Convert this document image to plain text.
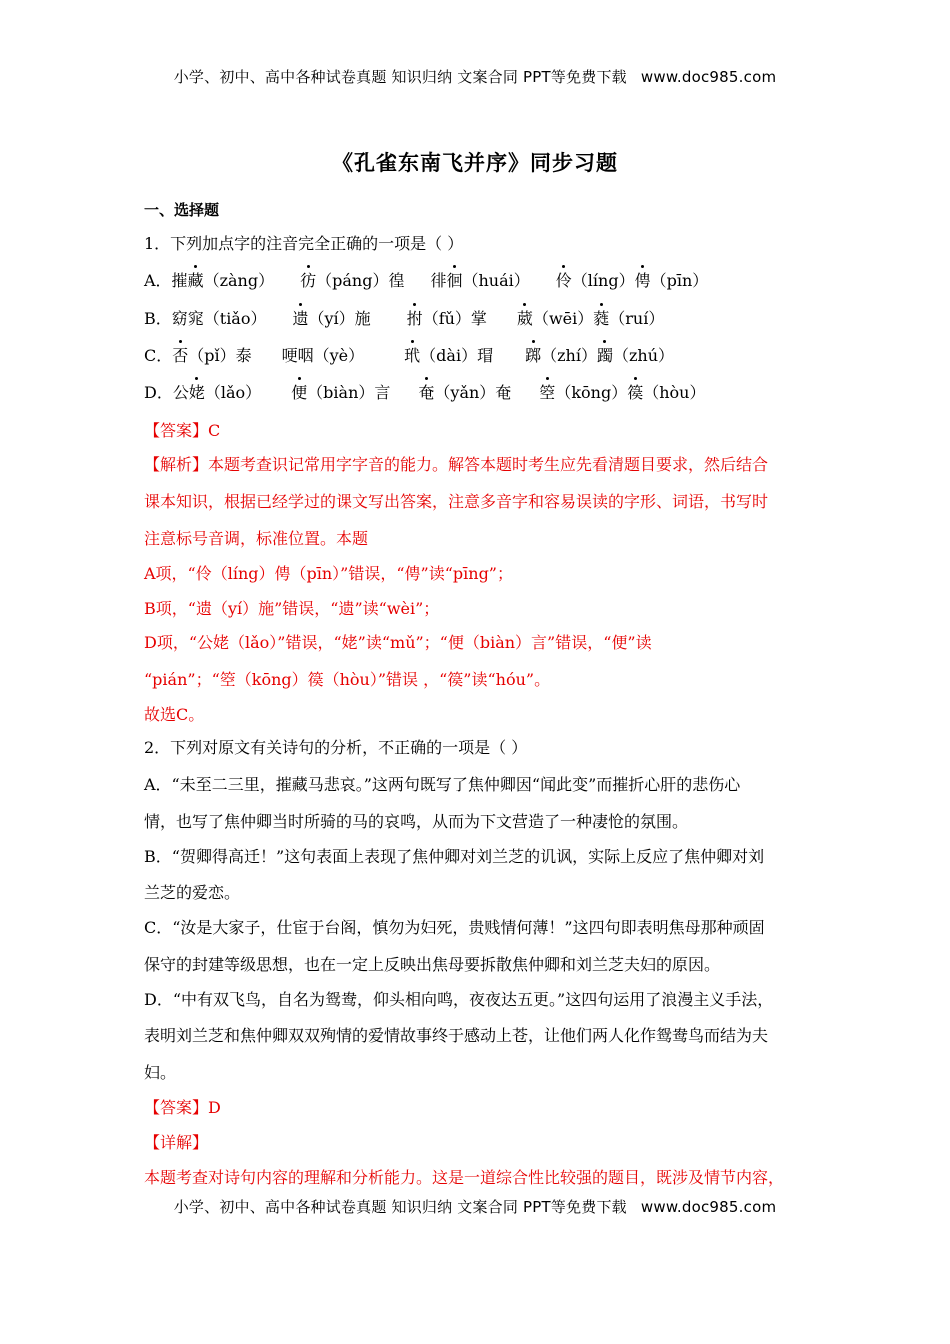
小学、初中、高中各种试卷真题 知识归纳 文案合同 PPT等免费下载 www.doc985.com
《孔雀东南飞并序》同步习题
一、选择题
1．下列加点字的注音完全正确的一项是（ ）
A．摧藏（zàng） 彷（páng）徨 徘徊（huái） 伶（líng）俜（pīn）
B．窈窕（tiǎo） 遗（yí）施 拊（fǔ）掌 葳（wēi）蕤（ruí）
C．否（pǐ）泰 哽咽（yè）	玳（dài）瑁 踯（zhí）躅（zhú）
D．公姥（lǎo） 便（biàn）言 奄（yǎn）奄 箜（kōng）篌（hòu）
【答案】C
【解析】本题考查识记常用字字音的能力。解答本题时考生应先看清题目要求，然后结合
课本知识，根据已经学过的课文写出答案，注意多音字和容易误读的字形、词语，书写时
注意标号音调，标准位置。本题
A项，“伶（líng）俜（pīn）”错误，“俜”读“pīng”；
B项，“遗（yí）施”错误，“遗”读“wèi”；
D项，“公姥（lǎo）”错误，“姥”读“mǔ”；“便（biàn）言”错误，“便”读
“pián”；“箜（kōng）篌（hòu）”错误 ，“篌”读“hóu”。
故选C。
2．下列对原文有关诗句的分析，不正确的一项是（ ）
A．“未至二三里，摧藏马悲哀。”这两句既写了焦仲卿因“闻此变”而摧折心肝的悲伤心
情，也写了焦仲卿当时所骑的马的哀鸣，从而为下文营造了一种凄怆的氛围。
B．“贺卿得高迁！”这句表面上表现了焦仲卿对刘兰芝的讥讽，实际上反应了焦仲卿对刘
兰芝的爱恋。
C．“汝是大家子，仕宦于台阁，慎勿为妇死，贵贱情何薄！”这四句即表明焦母那种顽固
保守的封建等级思想，也在一定上反映出焦母要拆散焦仲卿和刘兰芝夫妇的原因。
D．“中有双飞鸟，自名为鸳鸯，仰头相向鸣，夜夜达五更。”这四句运用了浪漫主义手法，
表明刘兰芝和焦仲卿双双殉情的爱情故事终于感动上苍，让他们两人化作鸳鸯鸟而结为夫
妇。
【答案】D
【详解】
本题考查对诗句内容的理解和分析能力。这是一道综合性比较强的题目，既涉及情节内容，
小学、初中、高中各种试卷真题 知识归纳 文案合同 PPT等免费下载 www.doc985.com
